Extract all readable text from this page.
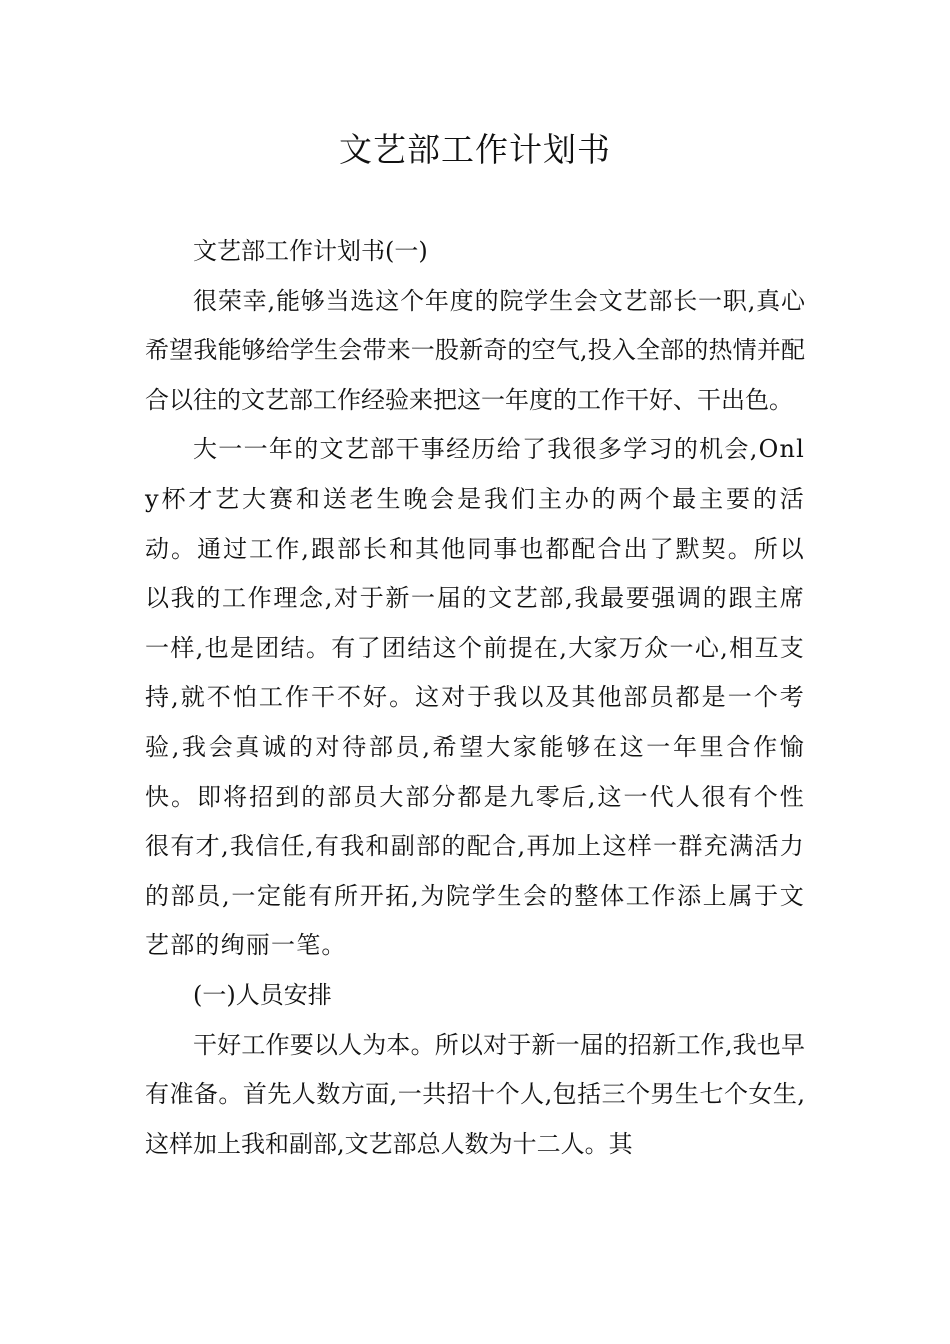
文艺部工作计划书

文艺部工作计划书(一)

很荣幸,能够当选这个年度的院学生会文艺部长一职,真心希望我能够给学生会带来一股新奇的空气,投入全部的热情并配合以往的文艺部工作经验来把这一年度的工作干好、干出色。

大一一年的文艺部干事经历给了我很多学习的机会,Only杯才艺大赛和送老生晚会是我们主办的两个最主要的活动。通过工作,跟部长和其他同事也都配合出了默契。所以以我的工作理念,对于新一届的文艺部,我最要强调的跟主席一样,也是团结。有了团结这个前提在,大家万众一心,相互支持,就不怕工作干不好。这对于我以及其他部员都是一个考验,我会真诚的对待部员,希望大家能够在这一年里合作愉快。即将招到的部员大部分都是九零后,这一代人很有个性很有才,我信任,有我和副部的配合,再加上这样一群充满活力的部员,一定能有所开拓,为院学生会的整体工作添上属于文艺部的绚丽一笔。

(一)人员安排

干好工作要以人为本。所以对于新一届的招新工作,我也早有准备。首先人数方面,一共招十个人,包括三个男生七个女生,这样加上我和副部,文艺部总人数为十二人。其
